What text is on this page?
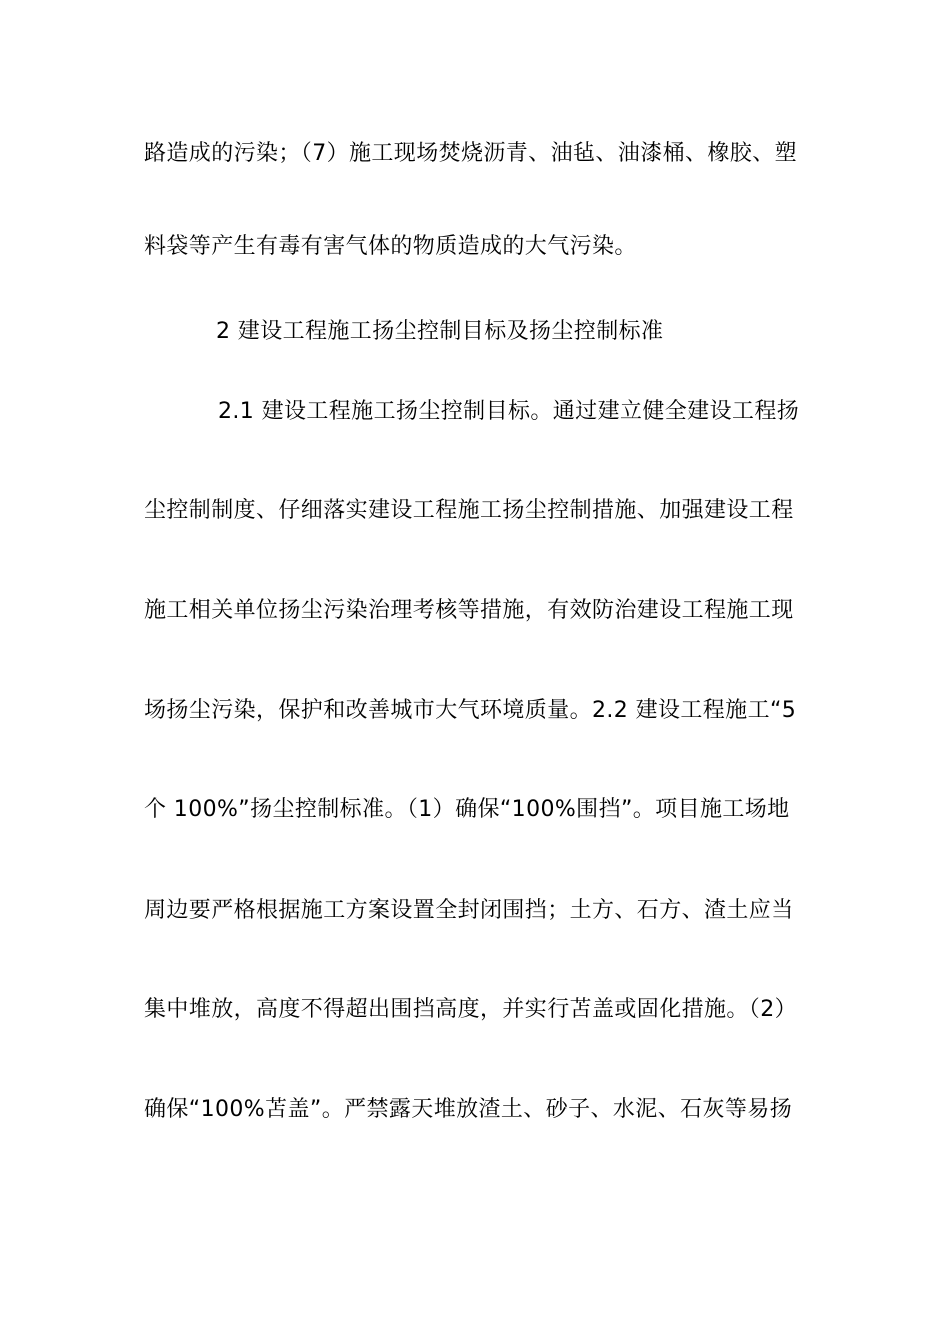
路造成的污染；（7）施工现场焚烧沥青、油毡、油漆桶、橡胶、塑
料袋等产生有毒有害气体的物质造成的大气污染。
2 建设工程施工扬尘控制目标及扬尘控制标准
2.1 建设工程施工扬尘控制目标。通过建立健全建设工程扬
尘控制制度、仔细落实建设工程施工扬尘控制措施、加强建设工程
施工相关单位扬尘污染治理考核等措施，有效防治建设工程施工现
场扬尘污染，保护和改善城市大气环境质量。2.2 建设工程施工“5
个 100%”扬尘控制标准。（1）确保“100%围挡”。项目施工场地
周边要严格根据施工方案设置全封闭围挡；土方、石方、渣土应当
集中堆放，高度不得超出围挡高度，并实行苫盖或固化措施。（2）
确保“100%苫盖”。严禁露天堆放渣土、砂子、水泥、石灰等易扬
